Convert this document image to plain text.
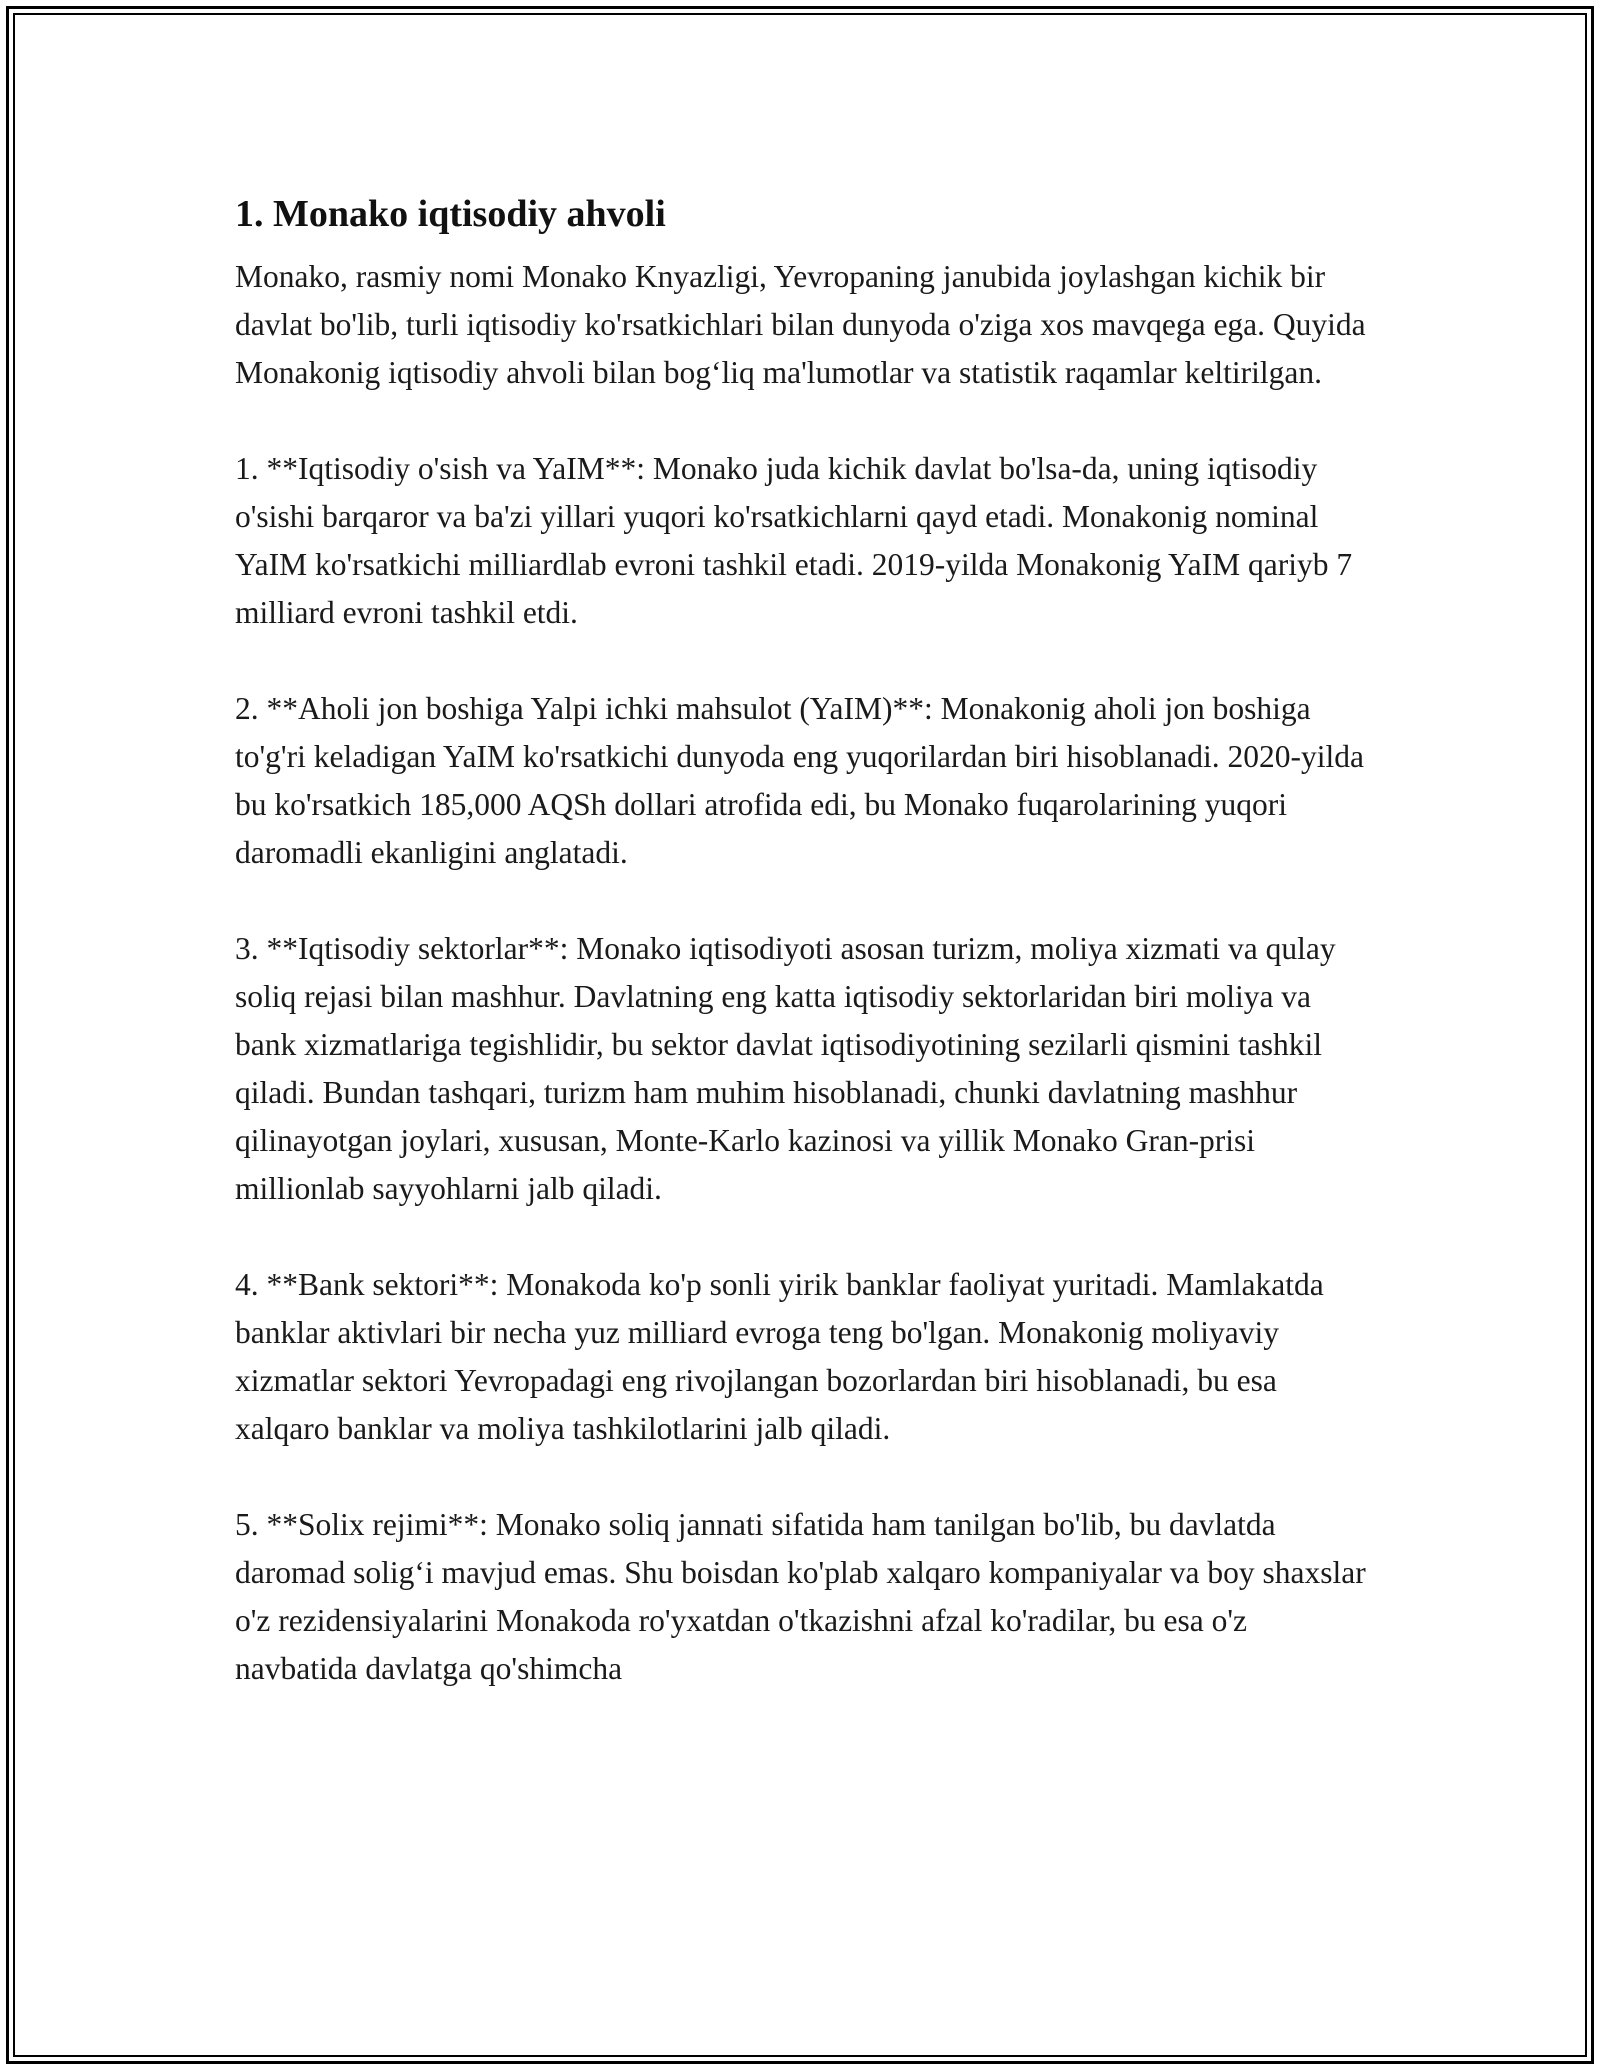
1. Monako iqtisodiy ahvoli

Monako, rasmiy nomi Monako Knyazligi, Yevropaning janubida joylashgan kichik bir davlat bo'lib, turli iqtisodiy ko'rsatkichlari bilan dunyoda o'ziga xos mavqega ega. Quyida Monakonig iqtisodiy ahvoli bilan bog‘liq ma'lumotlar va statistik raqamlar keltirilgan.

1. **Iqtisodiy o'sish va YaIM**: Monako juda kichik davlat bo'lsa-da, uning iqtisodiy o'sishi barqaror va ba'zi yillari yuqori ko'rsatkichlarni qayd etadi. Monakonig nominal YaIM ko'rsatkichi milliardlab evroni tashkil etadi. 2019-yilda Monakonig YaIM qariyb 7 milliard evroni tashkil etdi.

2. **Aholi jon boshiga Yalpi ichki mahsulot (YaIM)**: Monakonig aholi jon boshiga to'g'ri keladigan YaIM ko'rsatkichi dunyoda eng yuqorilardan biri hisoblanadi. 2020-yilda bu ko'rsatkich 185,000 AQSh dollari atrofida edi, bu Monako fuqarolarining yuqori daromadli ekanligini anglatadi.

3. **Iqtisodiy sektorlar**: Monako iqtisodiyoti asosan turizm, moliya xizmati va qulay soliq rejasi bilan mashhur. Davlatning eng katta iqtisodiy sektorlaridan biri moliya va bank xizmatlariga tegishlidir, bu sektor davlat iqtisodiyotining sezilarli qismini tashkil qiladi. Bundan tashqari, turizm ham muhim hisoblanadi, chunki davlatning mashhur qilinayotgan joylari, xususan, Monte-Karlo kazinosi va yillik Monako Gran-prisi millionlab sayyohlarni jalb qiladi.

4. **Bank sektori**: Monakoda ko'p sonli yirik banklar faoliyat yuritadi. Mamlakatda banklar aktivlari bir necha yuz milliard evroga teng bo'lgan. Monakonig moliyaviy xizmatlar sektori Yevropadagi eng rivojlangan bozorlardan biri hisoblanadi, bu esa xalqaro banklar va moliya tashkilotlarini jalb qiladi.

5. **Solix rejimi**: Monako soliq jannati sifatida ham tanilgan bo'lib, bu davlatda daromad solig‘i mavjud emas. Shu boisdan ko'plab xalqaro kompaniyalar va boy shaxslar o'z rezidensiyalarini Monakoda ro'yxatdan o'tkazishni afzal ko'radilar, bu esa o'z navbatida davlatga qo'shimcha
